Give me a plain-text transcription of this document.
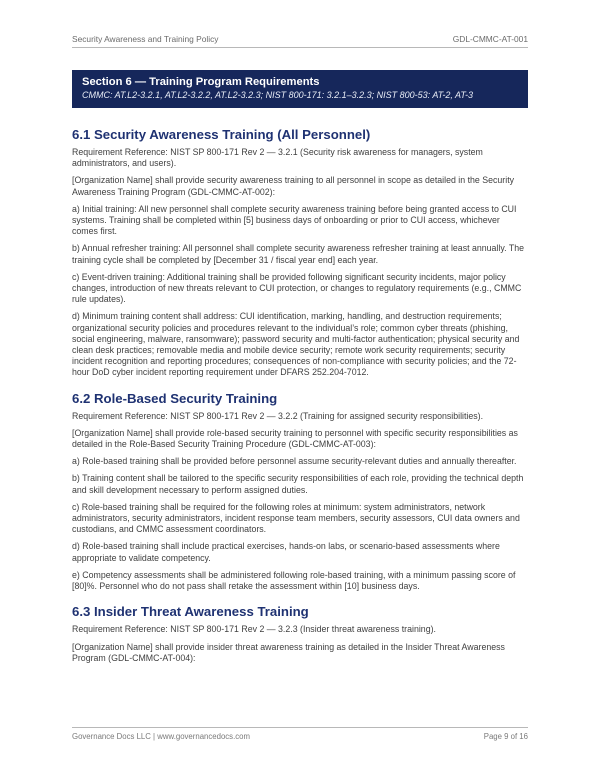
Security Awareness and Training Policy	GDL-CMMC-AT-001
Section 6 — Training Program Requirements
CMMC: AT.L2-3.2.1, AT.L2-3.2.2, AT.L2-3.2.3; NIST 800-171: 3.2.1–3.2.3; NIST 800-53: AT-2, AT-3
6.1 Security Awareness Training (All Personnel)

Requirement Reference: NIST SP 800-171 Rev 2 — 3.2.1 (Security risk awareness for managers, system administrators, and users).

[Organization Name] shall provide security awareness training to all personnel in scope as detailed in the Security Awareness Training Program (GDL-CMMC-AT-002):

a) Initial training: All new personnel shall complete security awareness training before being granted access to CUI systems. Training shall be completed within [5] business days of onboarding or prior to CUI access, whichever comes first.

b) Annual refresher training: All personnel shall complete security awareness refresher training at least annually. The training cycle shall be completed by [December 31 / fiscal year end] each year.

c) Event-driven training: Additional training shall be provided following significant security incidents, major policy changes, introduction of new threats relevant to CUI protection, or changes to regulatory requirements (e.g., CMMC rule updates).

d) Minimum training content shall address: CUI identification, marking, handling, and destruction requirements; organizational security policies and procedures relevant to the individual’s role; common cyber threats (phishing, social engineering, malware, ransomware); password security and multi-factor authentication; physical security and clean desk practices; removable media and mobile device security; remote work security requirements; security incident recognition and reporting procedures; consequences of non-compliance with security policies; and the 72-hour DoD cyber incident reporting requirement under DFARS 252.204-7012.

6.2 Role-Based Security Training

Requirement Reference: NIST SP 800-171 Rev 2 — 3.2.2 (Training for assigned security responsibilities).

[Organization Name] shall provide role-based security training to personnel with specific security responsibilities as detailed in the Role-Based Security Training Procedure (GDL-CMMC-AT-003):

a) Role-based training shall be provided before personnel assume security-relevant duties and annually thereafter.

b) Training content shall be tailored to the specific security responsibilities of each role, providing the technical depth and skill development necessary to perform assigned duties.

c) Role-based training shall be required for the following roles at minimum: system administrators, network administrators, security administrators, incident response team members, security assessors, CUI data owners and custodians, and CMMC assessment coordinators.

d) Role-based training shall include practical exercises, hands-on labs, or scenario-based assessments where appropriate to validate competency.

e) Competency assessments shall be administered following role-based training, with a minimum passing score of [80]%. Personnel who do not pass shall retake the assessment within [10] business days.

6.3 Insider Threat Awareness Training

Requirement Reference: NIST SP 800-171 Rev 2 — 3.2.3 (Insider threat awareness training).

[Organization Name] shall provide insider threat awareness training as detailed in the Insider Threat Awareness Program (GDL-CMMC-AT-004):

Governance Docs LLC | www.governancedocs.com	Page 9 of 16
